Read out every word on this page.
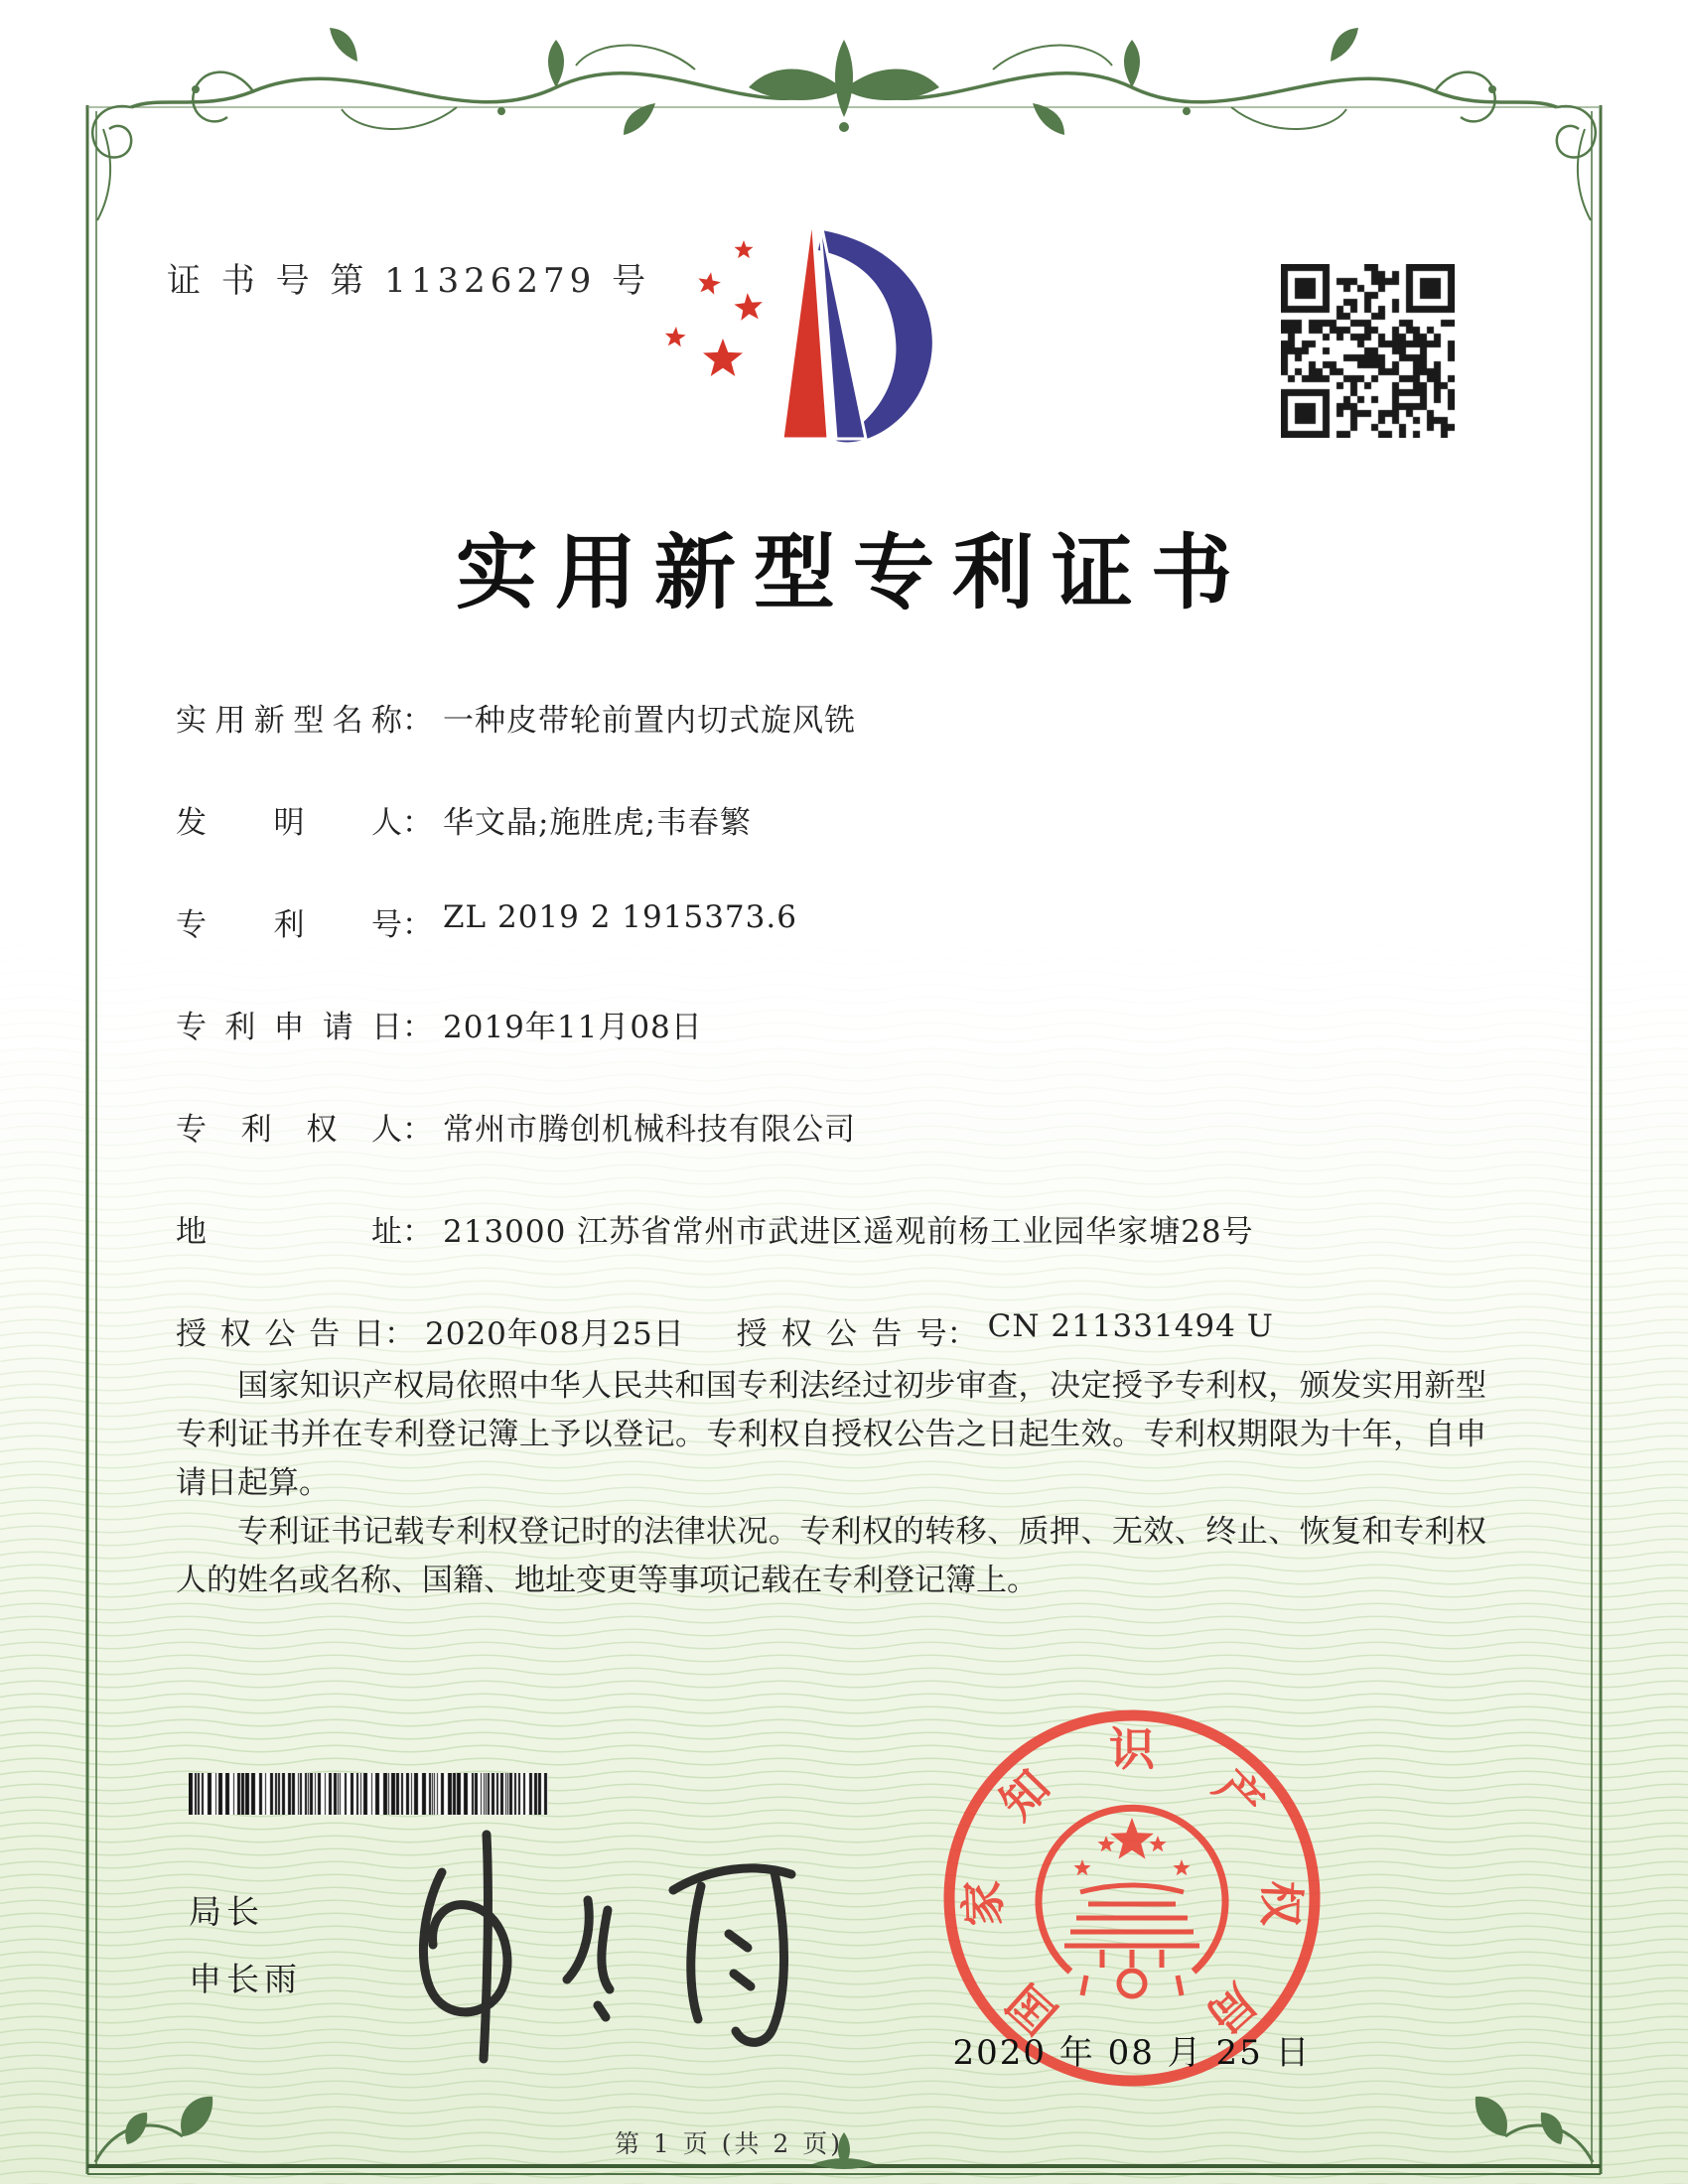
证 书 号 第 11326279 号
实用新型专利证书
实用新型名称： 一种皮带轮前置内切式旋风铣
发明人： 华文晶;施胜虎;韦春繁
专利号： ZL 2019 2 1915373.6
专利申请日： 2019年11月08日
专利权人： 常州市腾创机械科技有限公司
地址： 213000 江苏省常州市武进区遥观前杨工业园华家塘28号
授权公告日： 2020年08月25日 授权公告号： CN 211331494 U

国家知识产权局依照中华人民共和国专利法经过初步审查，决定授予专利权，颁发实用新型专利证书并在专利登记簿上予以登记。专利权自授权公告之日起生效。专利权期限为十年，自申请日起算。

专利证书记载专利权登记时的法律状况。专利权的转移、质押、无效、终止、恢复和专利权人的姓名或名称、国籍、地址变更等事项记载在专利登记簿上。

局长
申长雨	国
家
知
识
产
权
局
2020 年 08 月 25 日
第 1 页 (共 2 页)
